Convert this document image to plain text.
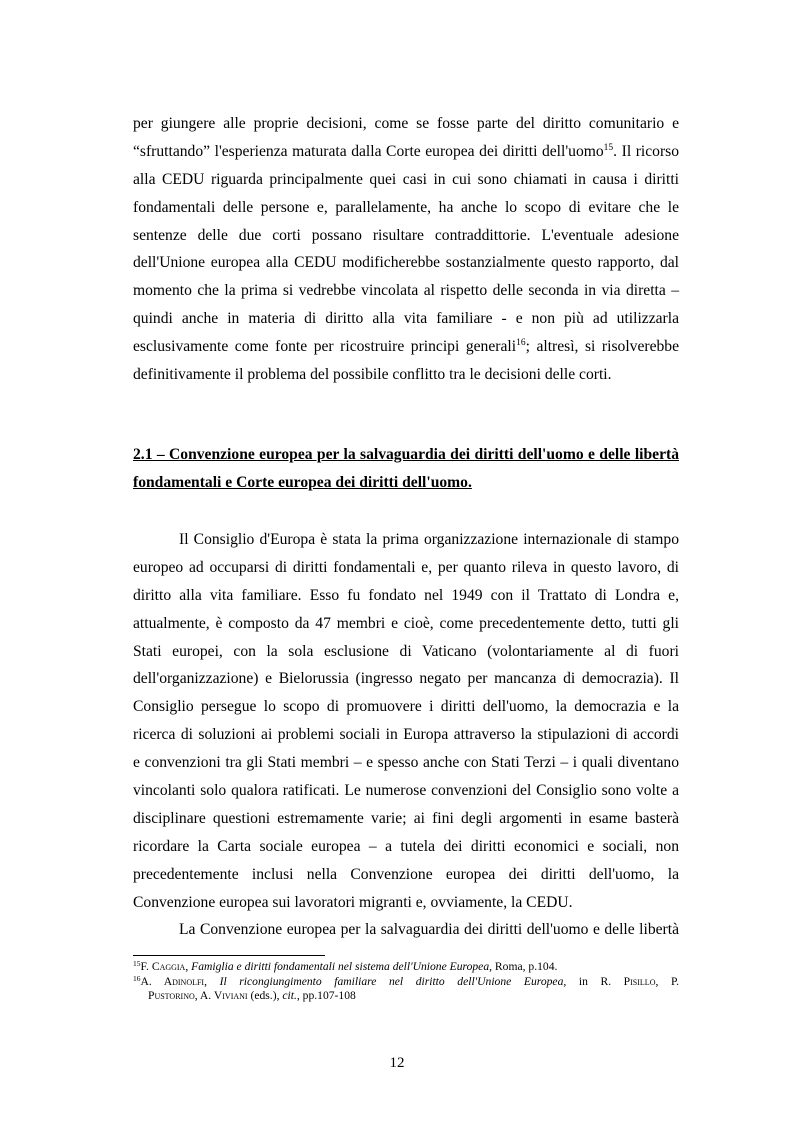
per giungere alle proprie decisioni, come se fosse parte del diritto comunitario e
“sfruttando” l'esperienza maturata dalla Corte europea dei diritti dell'uomo$^{15}$. Il ricorso
alla CEDU riguarda principalmente quei casi in cui sono chiamati in causa i diritti
fondamentali delle persone e, parallelamente, ha anche lo scopo di evitare che le
sentenze delle due corti possano risultare contraddittorie. L'eventuale adesione
dell'Unione europea alla CEDU modificherebbe sostanzialmente questo rapporto, dal
momento che la prima si vedrebbe vincolata al rispetto delle seconda in via diretta –
quindi anche in materia di diritto alla vita familiare - e non più ad utilizzarla
esclusivamente come fonte per ricostruire principi generali$^{16}$; altresì, si risolverebbe
definitivamente il problema del possibile conflitto tra le decisioni delle corti.
2.1 – Convenzione europea per la salvaguardia dei diritti dell'uomo e delle libertà
fondamentali e Corte europea dei diritti dell'uomo.
Il Consiglio d'Europa è stata la prima organizzazione internazionale di stampo
europeo ad occuparsi di diritti fondamentali e, per quanto rileva in questo lavoro, di
diritto alla vita familiare. Esso fu fondato nel 1949 con il Trattato di Londra e,
attualmente, è composto da 47 membri e cioè, come precedentemente detto, tutti gli
Stati europei, con la sola esclusione di Vaticano (volontariamente al di fuori
dell'organizzazione) e Bielorussia (ingresso negato per mancanza di democrazia). Il
Consiglio persegue lo scopo di promuovere i diritti dell'uomo, la democrazia e la
ricerca di soluzioni ai problemi sociali in Europa attraverso la stipulazioni di accordi
e convenzioni tra gli Stati membri – e spesso anche con Stati Terzi – i quali diventano
vincolanti solo qualora ratificati. Le numerose convenzioni del Consiglio sono volte a
disciplinare questioni estremamente varie; ai fini degli argomenti in esame basterà
ricordare la Carta sociale europea – a tutela dei diritti economici e sociali, non
precedentemente inclusi nella Convenzione europea dei diritti dell'uomo, la
Convenzione europea sui lavoratori migranti e, ovviamente, la CEDU.
La Convenzione europea per la salvaguardia dei diritti dell'uomo e delle libertà
$^{15}$F. Caggia, Famiglia e diritti fondamentali nel sistema dell'Unione Europea, Roma, p.104.
$^{16}$A. Adinolfi, Il ricongiungimento familiare nel diritto dell'Unione Europea, in R. Pisillo, P.
Pustorino, A. Viviani (eds.), cit., pp.107-108
12
